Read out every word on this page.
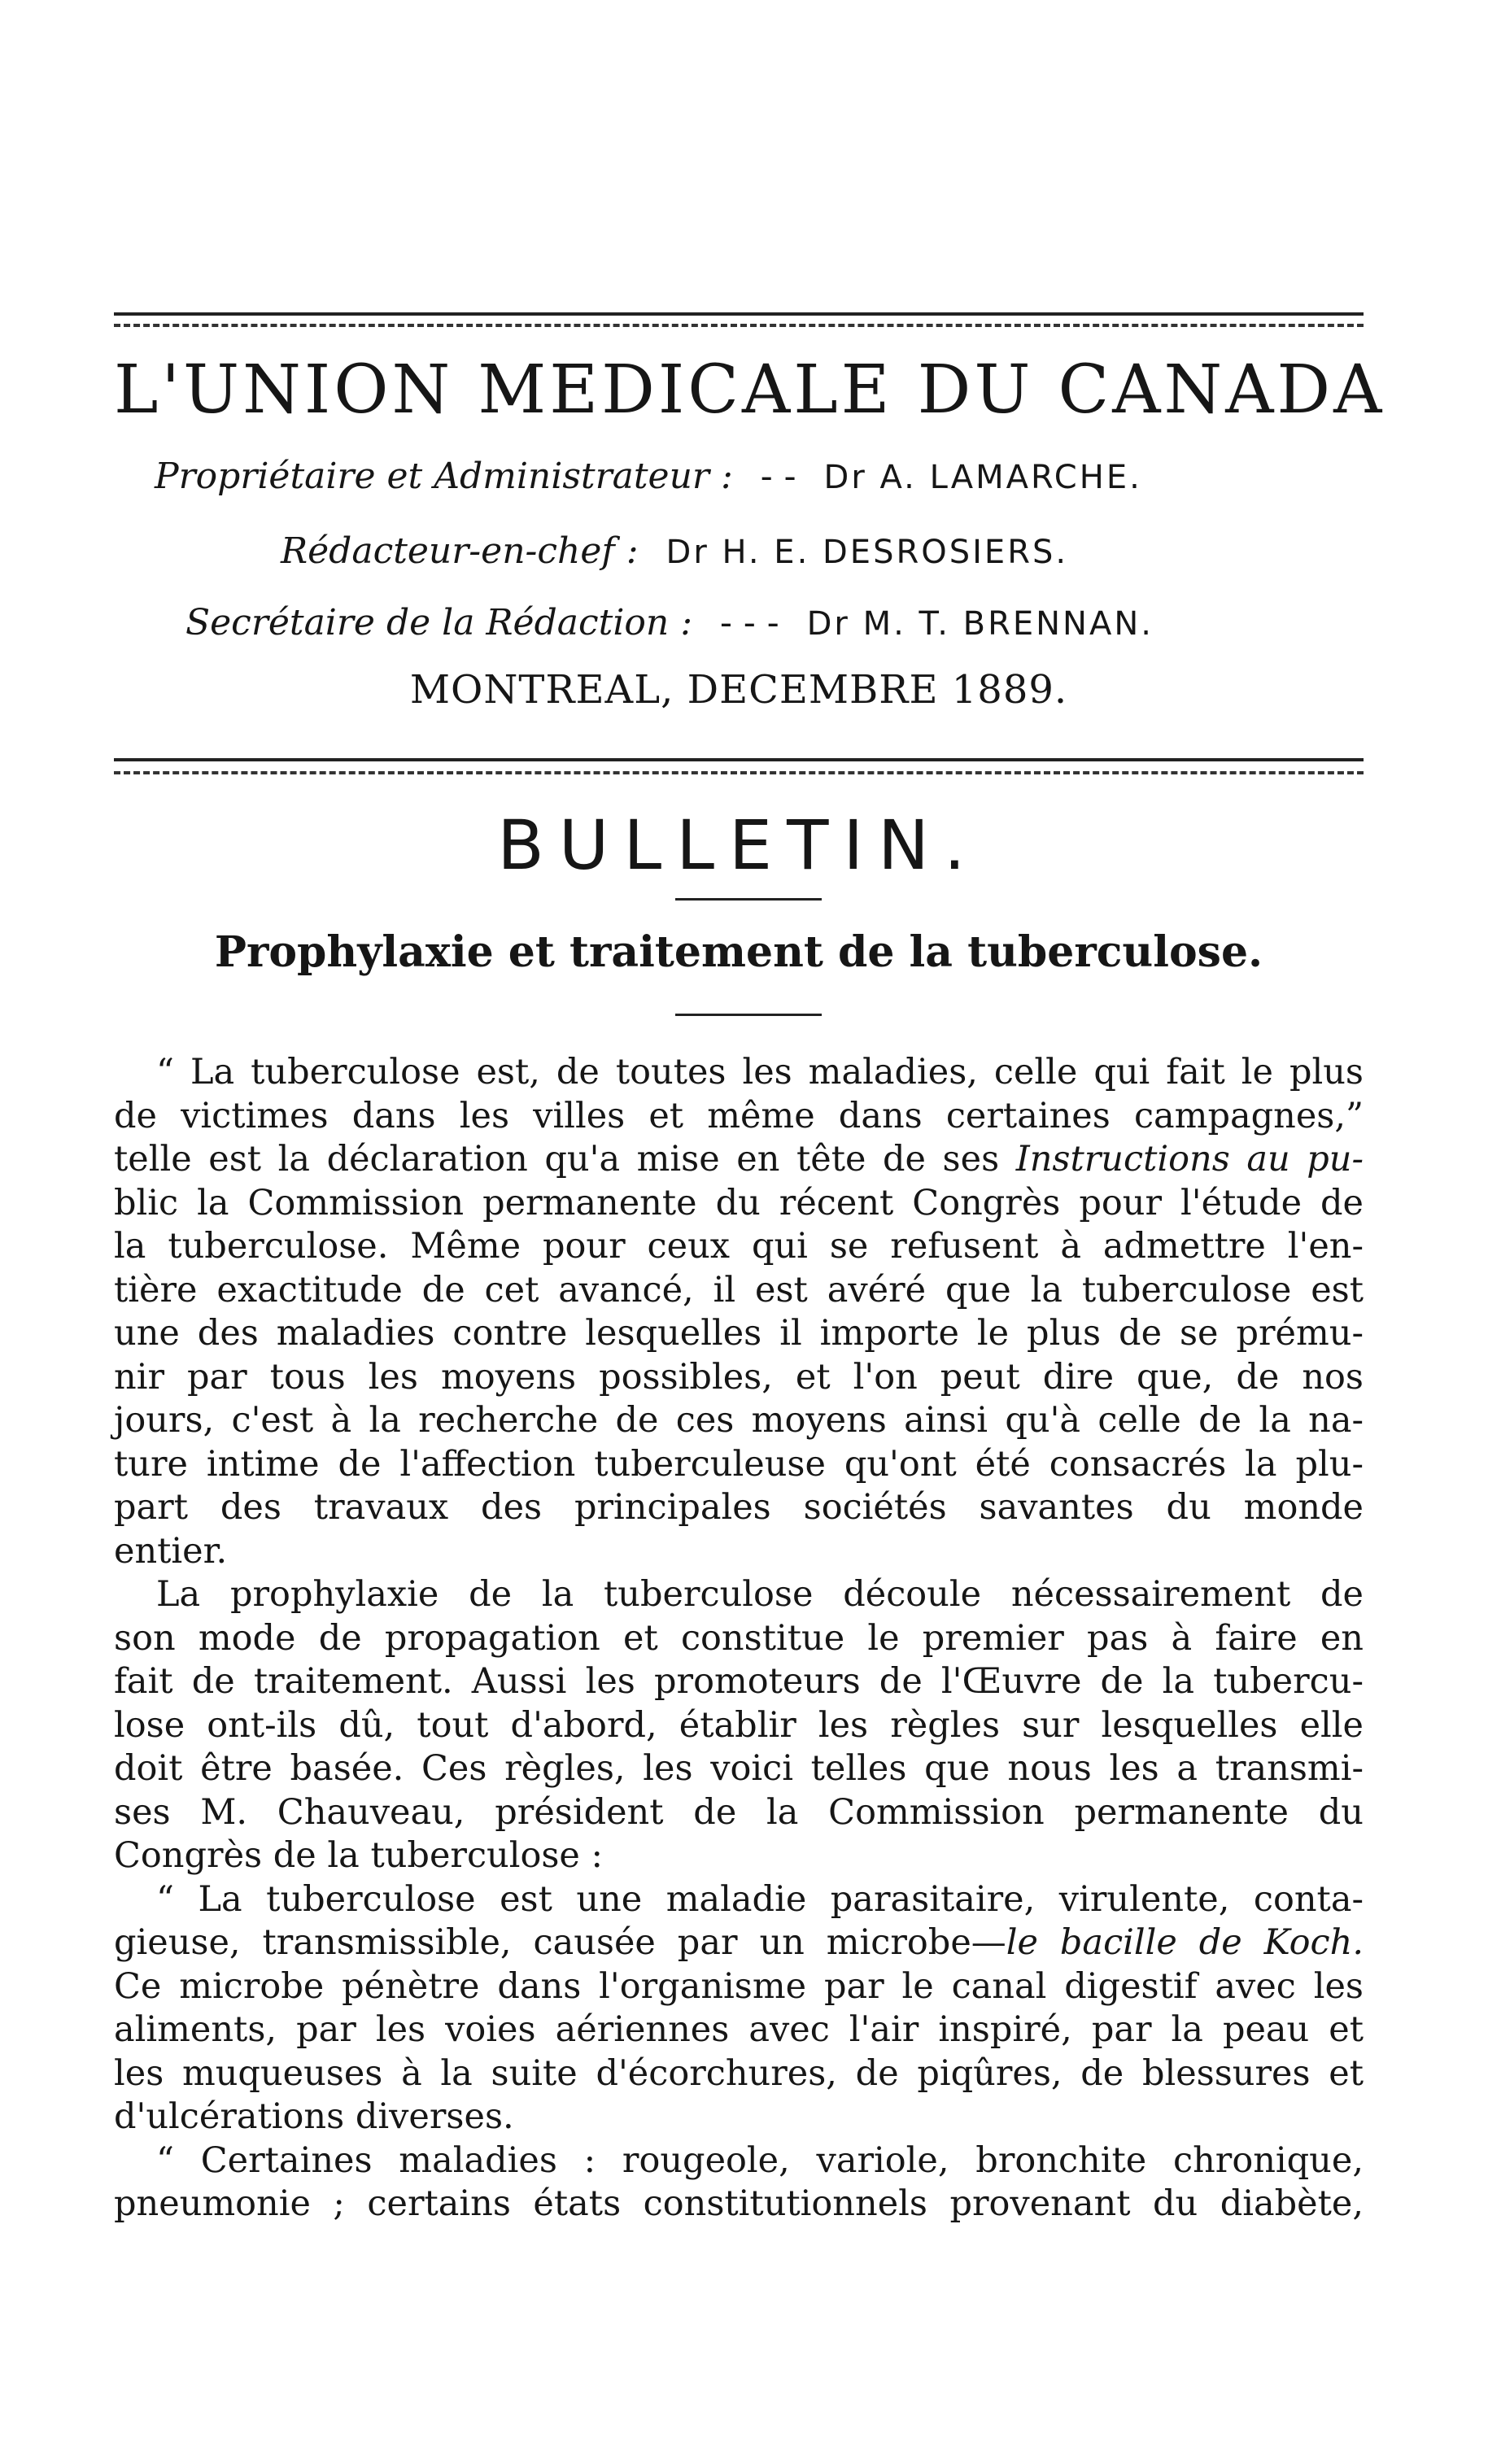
L'UNION MEDICALE DU CANADA
Propriétaire et Administrateur : - - Dr A. LAMARCHE.
Rédacteur-en-chef : Dr H. E. DESROSIERS.
Secrétaire de la Rédaction : - - - Dr M. T. BRENNAN.
MONTREAL, DECEMBRE 1889.
BULLETIN.
Prophylaxie et traitement de la tuberculose.
“ La tuberculose est, de toutes les maladies, celle qui fait le plus
de victimes dans les villes et même dans certaines campagnes,”
telle est la déclaration qu'a mise en tête de ses Instructions au pu-
blic la Commission permanente du récent Congrès pour l'étude de
la tuberculose. Même pour ceux qui se refusent à admettre l'en-
tière exactitude de cet avancé, il est avéré que la tuberculose est
une des maladies contre lesquelles il importe le plus de se prému-
nir par tous les moyens possibles, et l'on peut dire que, de nos
jours, c'est à la recherche de ces moyens ainsi qu'à celle de la na-
ture intime de l'affection tuberculeuse qu'ont été consacrés la plu-
part des travaux des principales sociétés savantes du monde
entier.
La prophylaxie de la tuberculose découle nécessairement de
son mode de propagation et constitue le premier pas à faire en
fait de traitement. Aussi les promoteurs de l'Œuvre de la tubercu-
lose ont-ils dû, tout d'abord, établir les règles sur lesquelles elle
doit être basée. Ces règles, les voici telles que nous les a transmi-
ses M. Chauveau, président de la Commission permanente du
Congrès de la tuberculose :
“ La tuberculose est une maladie parasitaire, virulente, conta-
gieuse, transmissible, causée par un microbe—le bacille de Koch.
Ce microbe pénètre dans l'organisme par le canal digestif avec les
aliments, par les voies aériennes avec l'air inspiré, par la peau et
les muqueuses à la suite d'écorchures, de piqûres, de blessures et
d'ulcérations diverses.
“ Certaines maladies : rougeole, variole, bronchite chronique,
pneumonie ; certains états constitutionnels provenant du diabète,
